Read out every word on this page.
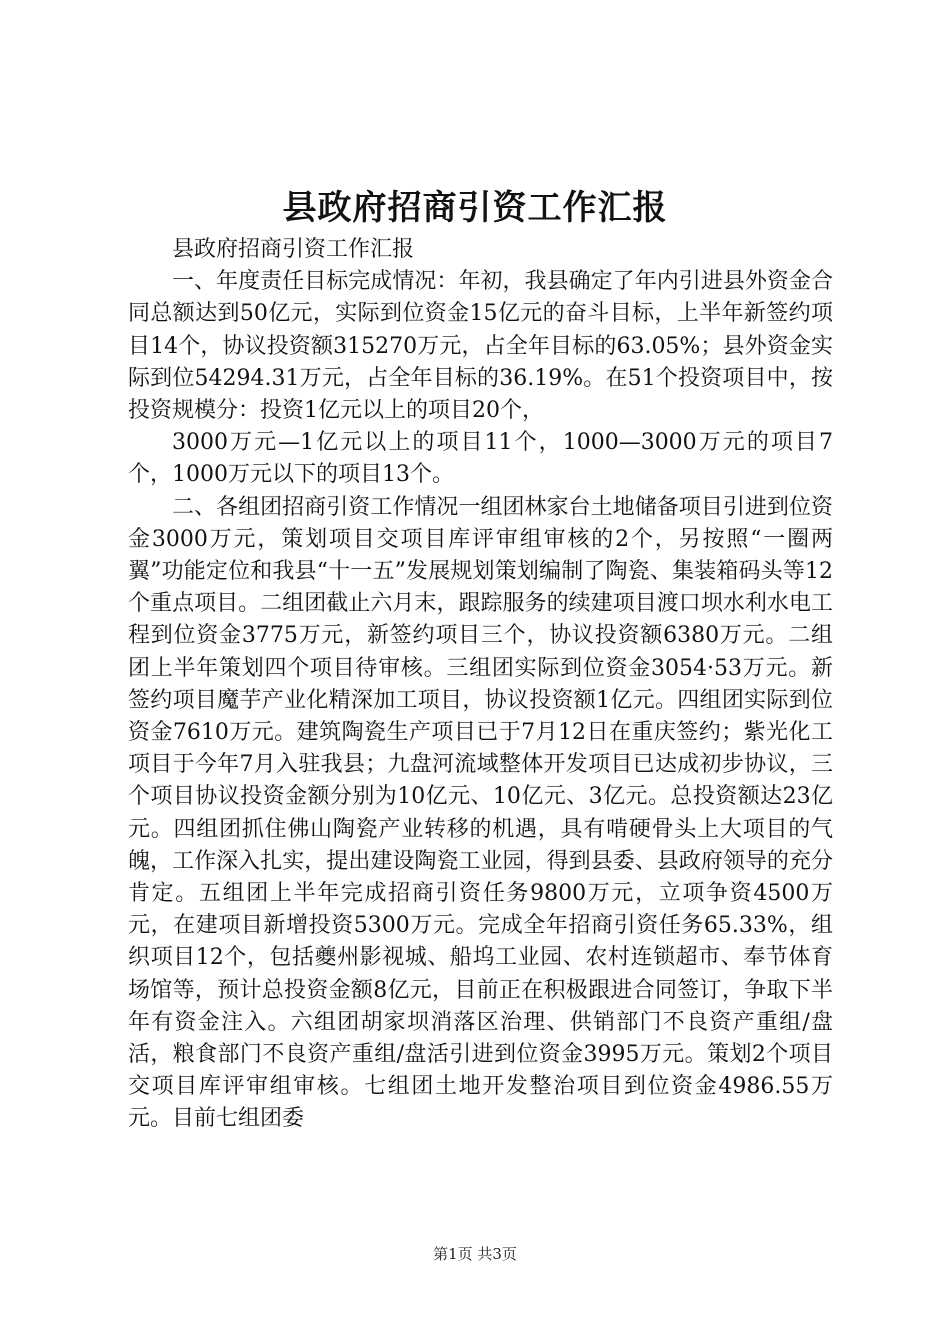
县政府招商引资工作汇报

县政府招商引资工作汇报

一、年度责任目标完成情况：年初，我县确定了年内引进县外资金合同总额达到50亿元，实际到位资金15亿元的奋斗目标，上半年新签约项目14个，协议投资额315270万元，占全年目标的63.05%；县外资金实际到位54294.31万元，占全年目标的36.19%。在51个投资项目中，按投资规模分：投资1亿元以上的项目20个，

3000万元—1亿元以上的项目11个，1000—3000万元的项目7个，1000万元以下的项目13个。

二、各组团招商引资工作情况一组团林家台土地储备项目引进到位资金3000万元，策划项目交项目库评审组审核的2个，另按照“一圈两翼”功能定位和我县“十一五”发展规划策划编制了陶瓷、集装箱码头等12个重点项目。二组团截止六月末，跟踪服务的续建项目渡口坝水利水电工程到位资金3775万元，新签约项目三个，协议投资额6380万元。二组团上半年策划四个项目待审核。三组团实际到位资金3054·53万元。新签约项目魔芋产业化精深加工项目，协议投资额1亿元。四组团实际到位资金7610万元。建筑陶瓷生产项目已于7月12日在重庆签约；紫光化工项目于今年7月入驻我县；九盘河流域整体开发项目已达成初步协议，三个项目协议投资金额分别为10亿元、10亿元、3亿元。总投资额达23亿元。四组团抓住佛山陶瓷产业转移的机遇，具有啃硬骨头上大项目的气魄，工作深入扎实，提出建设陶瓷工业园，得到县委、县政府领导的充分肯定。五组团上半年完成招商引资任务9800万元，立项争资4500万元，在建项目新增投资5300万元。完成全年招商引资任务65.33%，组织项目12个，包括夔州影视城、船坞工业园、农村连锁超市、奉节体育场馆等，预计总投资金额8亿元，目前正在积极跟进合同签订，争取下半年有资金注入。六组团胡家坝消落区治理、供销部门不良资产重组/盘活，粮食部门不良资产重组/盘活引进到位资金3995万元。策划2个项目交项目库评审组审核。七组团土地开发整治项目到位资金4986.55万元。目前七组团委

第1页 共3页
